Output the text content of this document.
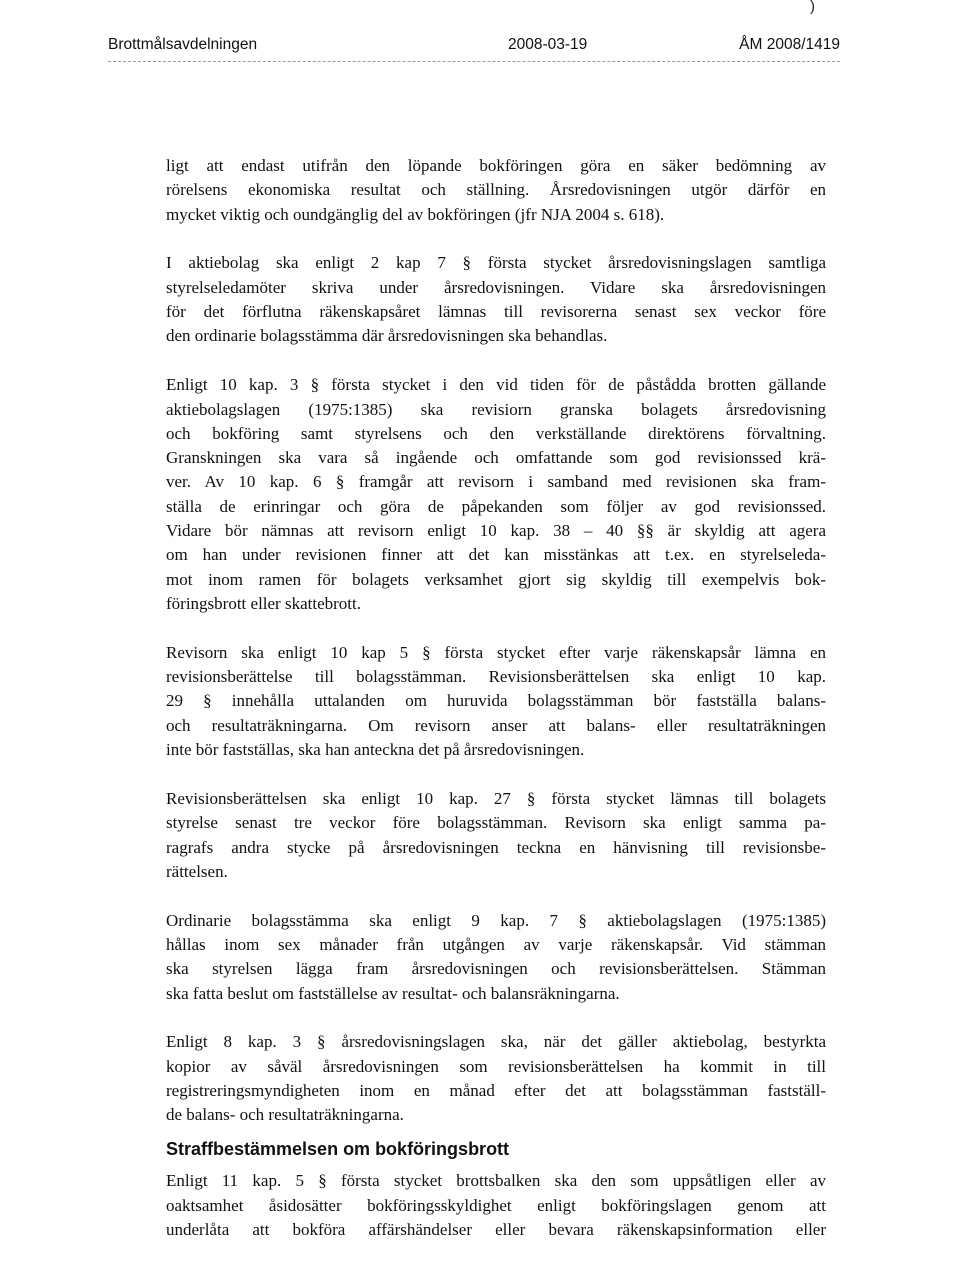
)
Brottmålsavdelningen	2008-03-19	ÅM 2008/1419

ligt att endast utifrån den löpande bokföringen göra en säker bedömning av
rörelsens ekonomiska resultat och ställning. Årsredovisningen utgör därför en
mycket viktig och oundgänglig del av bokföringen (jfr NJA 2004 s. 618).

I aktiebolag ska enligt 2 kap 7 § första stycket årsredovisningslagen samtliga
styrelseledamöter skriva under årsredovisningen. Vidare ska årsredovisningen
för det förflutna räkenskapsåret lämnas till revisorerna senast sex veckor före
den ordinarie bolagsstämma där årsredovisningen ska behandlas.

Enligt 10 kap. 3 § första stycket i den vid tiden för de påstådda brotten gällande
aktiebolagslagen (1975:1385) ska revisiorn granska bolagets årsredovisning
och bokföring samt styrelsens och den verkställande direktörens förvaltning.
Granskningen ska vara så ingående och omfattande som god revisionssed krä-
ver. Av 10 kap. 6 § framgår att revisorn i samband med revisionen ska fram-
ställa de erinringar och göra de påpekanden som följer av god revisionssed.
Vidare bör nämnas att revisorn enligt 10 kap. 38 – 40 §§ är skyldig att agera
om han under revisionen finner att det kan misstänkas att t.ex. en styrelseleda-
mot inom ramen för bolagets verksamhet gjort sig skyldig till exempelvis bok-
föringsbrott eller skattebrott.

Revisorn ska enligt 10 kap 5 § första stycket efter varje räkenskapsår lämna en
revisionsberättelse till bolagsstämman. Revisionsberättelsen ska enligt 10 kap.
29 § innehålla uttalanden om huruvida bolagsstämman bör fastställa balans-
och resultaträkningarna. Om revisorn anser att balans- eller resultaträkningen
inte bör fastställas, ska han anteckna det på årsredovisningen.

Revisionsberättelsen ska enligt 10 kap. 27 § första stycket lämnas till bolagets
styrelse senast tre veckor före bolagsstämman. Revisorn ska enligt samma pa-
ragrafs andra stycke på årsredovisningen teckna en hänvisning till revisionsbe-
rättelsen.

Ordinarie bolagsstämma ska enligt 9 kap. 7 § aktiebolagslagen (1975:1385)
hållas inom sex månader från utgången av varje räkenskapsår. Vid stämman
ska styrelsen lägga fram årsredovisningen och revisionsberättelsen. Stämman
ska fatta beslut om fastställelse av resultat- och balansräkningarna.

Enligt 8 kap. 3 § årsredovisningslagen ska, när det gäller aktiebolag, bestyrkta
kopior av såväl årsredovisningen som revisionsberättelsen ha kommit in till
registreringsmyndigheten inom en månad efter det att bolagsstämman fastställ-
de balans- och resultaträkningarna.

Straffbestämmelsen om bokföringsbrott

Enligt 11 kap. 5 § första stycket brottsbalken ska den som uppsåtligen eller av
oaktsamhet åsidosätter bokföringsskyldighet enligt bokföringslagen genom att
underlåta att bokföra affärshändelser eller bevara räkenskapsinformation eller
